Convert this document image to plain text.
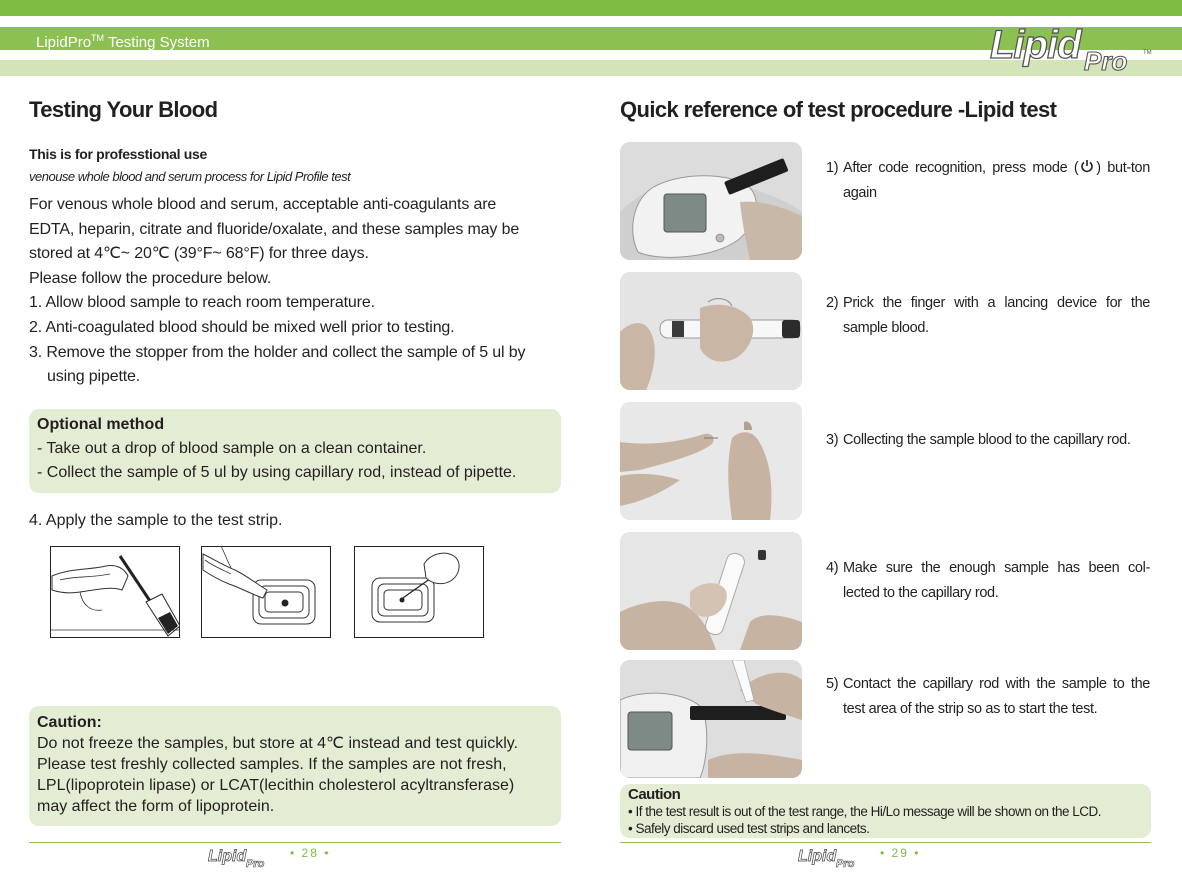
LipidPro™ Testing System	Lipid Pro	TM
Testing Your Blood
This is for professtional use
venouse whole blood and serum process for Lipid Profile test

For venous whole blood and serum, acceptable anti-coagulants are

EDTA, heparin, citrate and fluoride/oxalate, and these samples may be

stored at 4℃~ 20℃ (39°F~ 68°F) for three days.

Please follow the procedure below.

1. Allow blood sample to reach room temperature.

2. Anti-coagulated blood should be mixed well prior to testing.

3. Remove the stopper from the holder and collect the sample of 5 ul by

using pipette.

Optional method
- Take out a drop of blood sample on a clean container.
- Collect the sample of 5 ul by using capillary rod, instead of pipette.
4. Apply the sample to the test strip.
Caution:
Do not freeze the samples, but store at 4℃ instead and test quickly.
Please test freshly collected samples. If the samples are not fresh,
LPL(lipoprotein lipase) or LCAT(lecithin cholesterol acyltransferase)
may affect the form of lipoprotein.
Quick reference of test procedure -Lipid test
1) After code recognition, press mode ( ) but-ton again
2) Prick the finger with a lancing device for the sample blood.
3) Collecting the sample blood to the capillary rod.
4) Make sure the enough sample has been col-lected to the capillary rod.
5) Contact the capillary rod with the sample to the test area of the strip so as to start the test.
Caution
• If the test result is out of the test range, the Hi/Lo message will be shown on the LCD.
• Safely discard used test strips and lancets.
Lipid Pro
• 28 •	Lipid Pro
• 29 •
